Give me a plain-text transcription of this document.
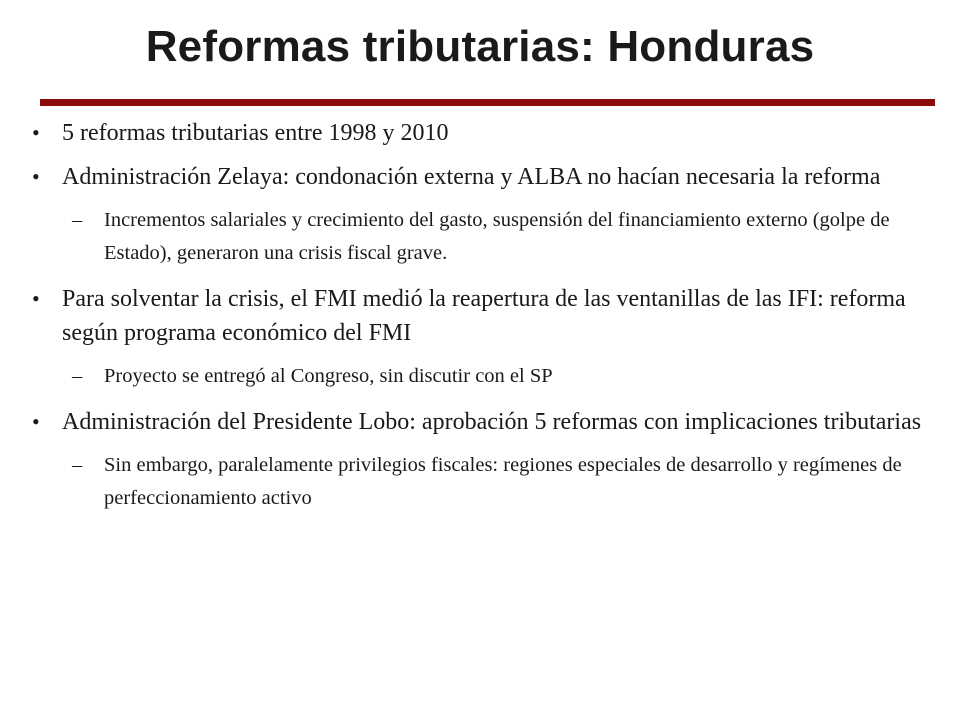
Reformas tributarias: Honduras
• 5 reformas tributarias entre 1998 y 2010
• Administración Zelaya: condonación externa y ALBA no hacían necesaria la reforma
– Incrementos salariales y crecimiento del gasto, suspensión del financiamiento externo (golpe de Estado), generaron una crisis fiscal grave.
• Para solventar la crisis, el FMI medió la reapertura de las ventanillas de las IFI: reforma según programa económico del FMI
– Proyecto se entregó al Congreso, sin discutir con el SP
• Administración del Presidente Lobo: aprobación 5 reformas con implicaciones tributarias
– Sin embargo, paralelamente privilegios fiscales: regiones especiales de desarrollo y regímenes de perfeccionamiento activo
